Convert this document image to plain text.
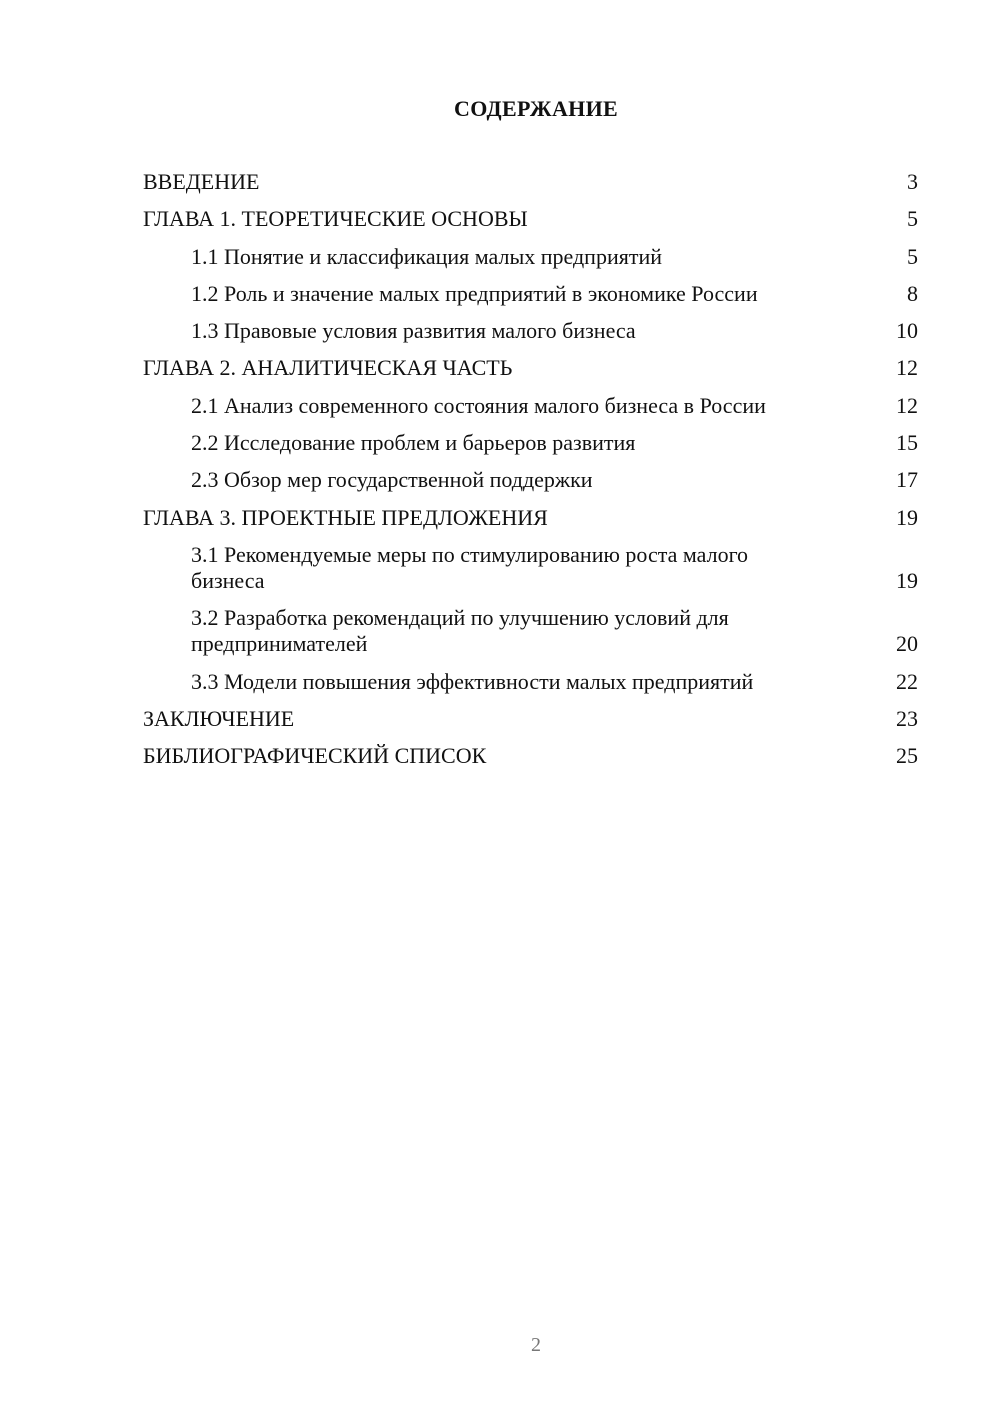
СОДЕРЖАНИЕ
ВВЕДЕНИЕ	3
ГЛАВА 1. ТЕОРЕТИЧЕСКИЕ ОСНОВЫ	5
1.1 Понятие и классификация малых предприятий	5
1.2 Роль и значение малых предприятий в экономике России	8
1.3 Правовые условия развития малого бизнеса	10
ГЛАВА 2. АНАЛИТИЧЕСКАЯ ЧАСТЬ	12
2.1 Анализ современного состояния малого бизнеса в России	12
2.2 Исследование проблем и барьеров развития	15
2.3 Обзор мер государственной поддержки	17
ГЛАВА 3. ПРОЕКТНЫЕ ПРЕДЛОЖЕНИЯ	19
3.1 Рекомендуемые меры по стимулированию роста малого бизнеса	19
3.2 Разработка рекомендаций по улучшению условий для предпринимателей	20
3.3 Модели повышения эффективности малых предприятий	22
ЗАКЛЮЧЕНИЕ	23
БИБЛИОГРАФИЧЕСКИЙ СПИСОК	25
2
